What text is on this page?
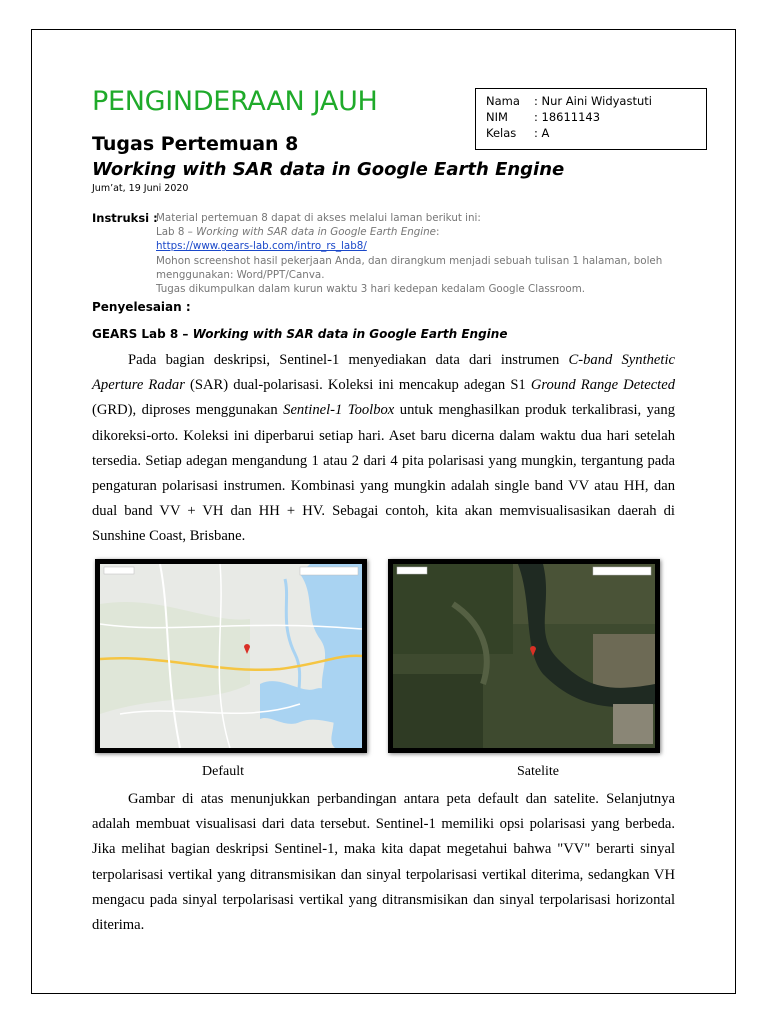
PENGINDERAAN JAUH
Tugas Pertemuan 8
Working with SAR data in Google Earth Engine
Jum’at, 19 Juni 2020
Nama	: Nur Aini Widyastuti
NIM	: 18611143
Kelas	: A
Instruksi :
Material pertemuan 8 dapat di akses melalui laman berikut ini:
Lab 8 – Working with SAR data in Google Earth Engine:
https://www.gears-lab.com/intro_rs_lab8/
Mohon screenshot hasil pekerjaan Anda, dan dirangkum menjadi sebuah tulisan 1 halaman, boleh menggunakan: Word/PPT/Canva.
Tugas dikumpulkan dalam kurun waktu 3 hari kedepan kedalam Google Classroom.
Penyelesaian :
GEARS Lab 8 – Working with SAR data in Google Earth Engine

Pada bagian deskripsi, Sentinel-1 menyediakan data dari instrumen C-band Synthetic Aperture Radar (SAR) dual-polarisasi. Koleksi ini mencakup adegan S1 Ground Range Detected (GRD), diproses menggunakan Sentinel-1 Toolbox untuk menghasilkan produk terkalibrasi, yang dikoreksi-orto. Koleksi ini diperbarui setiap hari. Aset baru dicerna dalam waktu dua hari setelah tersedia. Setiap adegan mengandung 1 atau 2 dari 4 pita polarisasi yang mungkin, tergantung pada pengaturan polarisasi instrumen. Kombinasi yang mungkin adalah single band VV atau HH, dan dual band VV + VH dan HH + HV. Sebagai contoh, kita akan memvisualisasikan daerah di Sunshine Coast, Brisbane.

Default	Satelite

Gambar di atas menunjukkan perbandingan antara peta default dan satelite. Selanjutnya adalah membuat visualisasi dari data tersebut. Sentinel-1 memiliki opsi polarisasi yang berbeda. Jika melihat bagian deskripsi Sentinel-1, maka kita dapat megetahui bahwa "VV" berarti sinyal terpolarisasi vertikal yang ditransmisikan dan sinyal terpolarisasi vertikal diterima, sedangkan VH mengacu pada sinyal terpolarisasi vertikal yang ditransmisikan dan sinyal terpolarisasi horizontal diterima.
